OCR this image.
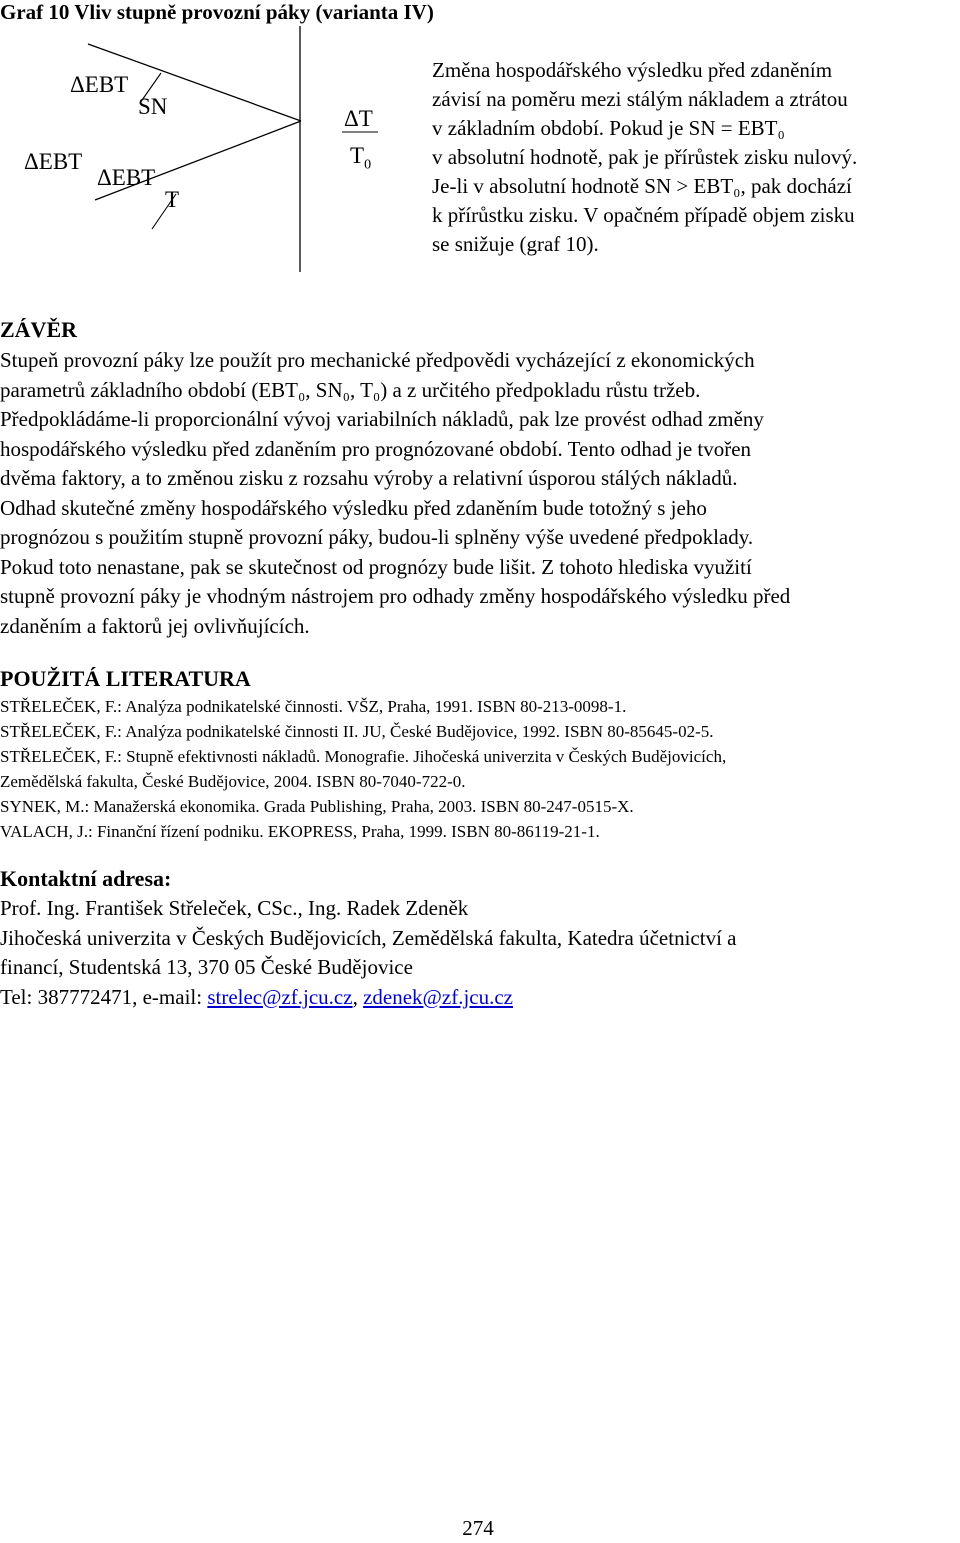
Graf 10 Vliv stupně provozní páky (varianta IV)
ΔEBT
ΔEBT
SN
ΔEBT
T
ΔT
$T_0$
Změna hospodářského výsledku před zdaněním
závisí na poměru mezi stálým nákladem a ztrátou
v základním období. Pokud je SN = EBT₀
v absolutní hodnotě, pak je přírůstek zisku nulový.
Je-li v absolutní hodnotě SN > EBT₀, pak dochází
k přírůstku zisku. V opačném případě objem zisku
se snižuje (graf 10).
ZÁVĚR
Stupeň provozní páky lze použít pro mechanické předpovědi vycházející z ekonomických
parametrů základního období (EBT₀, SN₀, T₀) a z určitého předpokladu růstu tržeb.
Předpokládáme-li proporcionální vývoj variabilních nákladů, pak lze provést odhad změny
hospodářského výsledku před zdaněním pro prognózované období. Tento odhad je tvořen
dvěma faktory, a to změnou zisku z rozsahu výroby a relativní úsporou stálých nákladů.
Odhad skutečné změny hospodářského výsledku před zdaněním bude totožný s jeho
prognózou s použitím stupně provozní páky, budou-li splněny výše uvedené předpoklady.
Pokud toto nenastane, pak se skutečnost od prognózy bude lišit. Z tohoto hlediska využití
stupně provozní páky je vhodným nástrojem pro odhady změny hospodářského výsledku před
zdaněním a faktorů jej ovlivňujících.
POUŽITÁ LITERATURA
STŘELEČEK, F.: Analýza podnikatelské činnosti. VŠZ, Praha, 1991. ISBN 80-213-0098-1.
STŘELEČEK, F.: Analýza podnikatelské činnosti II. JU, České Budějovice, 1992. ISBN 80-85645-02-5.
STŘELEČEK, F.: Stupně efektivnosti nákladů. Monografie. Jihočeská univerzita v Českých Budějovicích,
Zemědělská fakulta, České Budějovice, 2004. ISBN 80-7040-722-0.
SYNEK, M.: Manažerská ekonomika. Grada Publishing, Praha, 2003. ISBN 80-247-0515-X.
VALACH, J.: Finanční řízení podniku. EKOPRESS, Praha, 1999. ISBN 80-86119-21-1.
Kontaktní adresa:
Prof. Ing. František Střeleček, CSc., Ing. Radek Zdeněk
Jihočeská univerzita v Českých Budějovicích, Zemědělská fakulta, Katedra účetnictví a
financí, Studentská 13, 370 05 České Budějovice
Tel: 387772471, e-mail: strelec@zf.jcu.cz, zdenek@zf.jcu.cz
274
